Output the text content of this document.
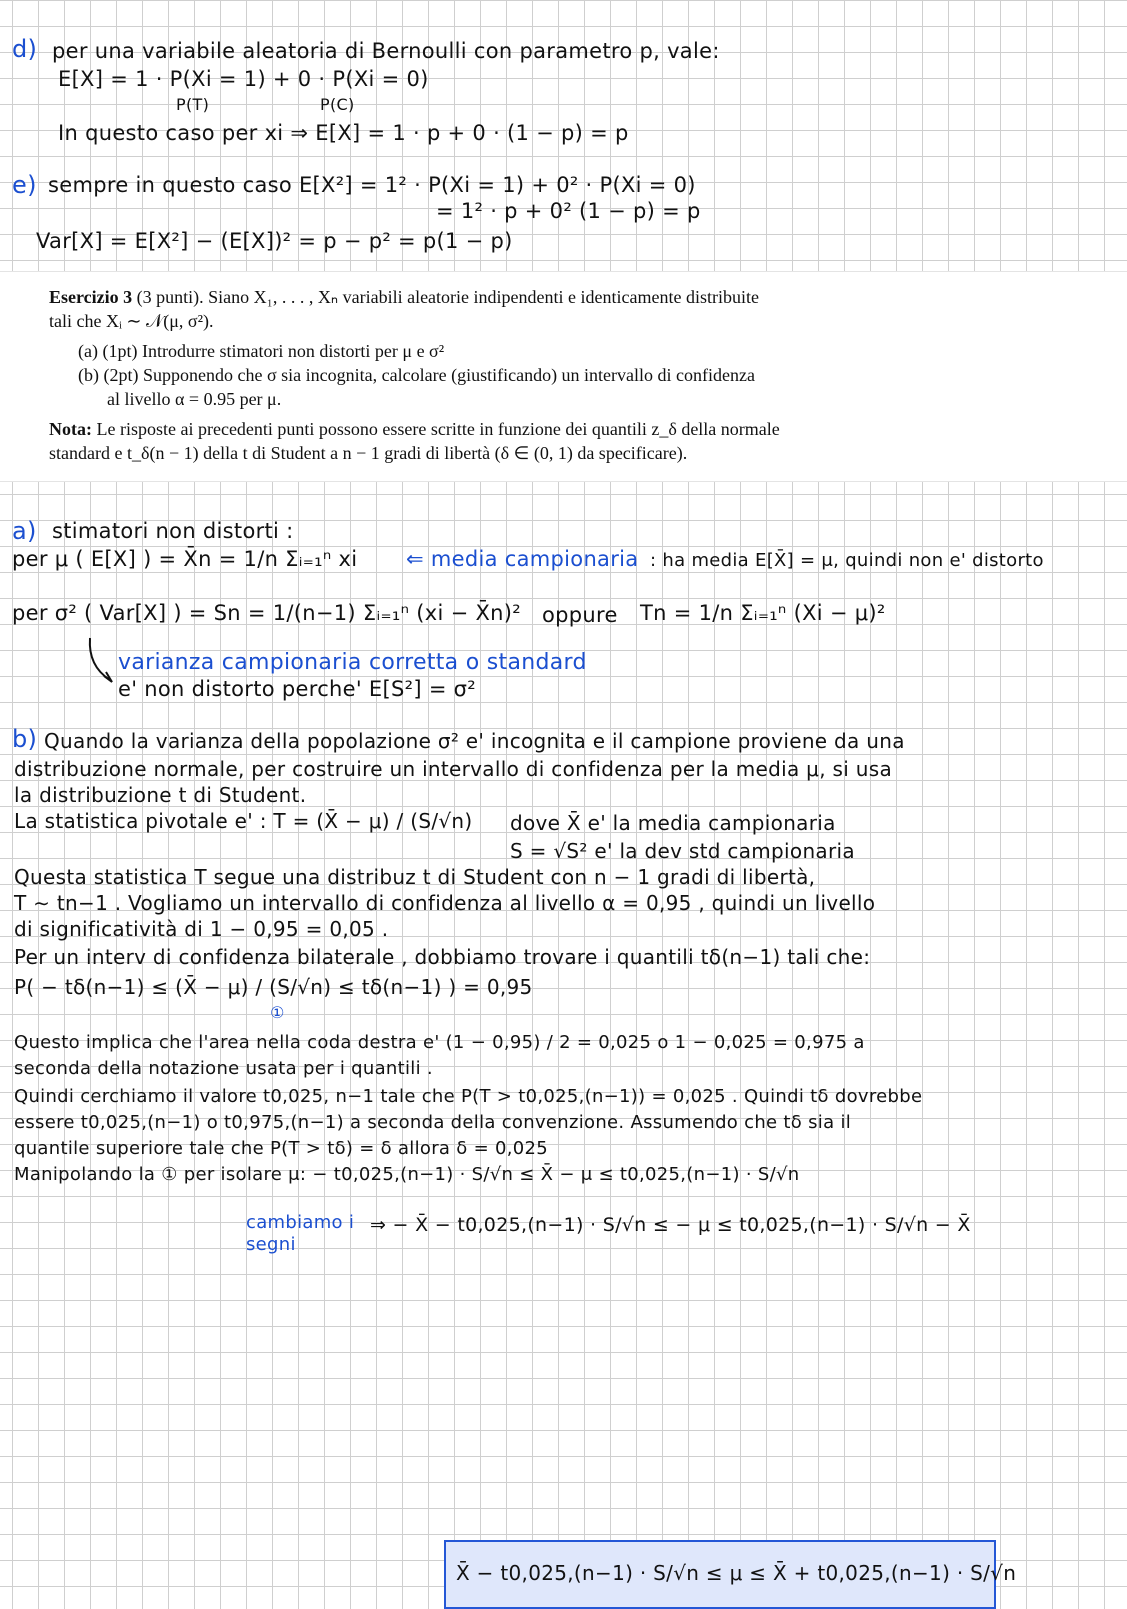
d) per una variabile aleatoria di Bernoulli con parametro p, vale:
E[X] = 1 · P(Xi = 1) + 0 · P(Xi = 0)
P(T)	P(C)
In questo caso per xi ⇒ E[X] = 1 · p + 0 · (1 − p) = p
e) sempre in questo caso E[X²] = 1² · P(Xi = 1) + 0² · P(Xi = 0)
= 1² · p + 0² (1 − p) = p
Var[X] = E[X²] − (E[X])² = p − p² = p(1 − p)
Esercizio 3 (3 punti). Siano X₁, . . . , Xₙ variabili aleatorie indipendenti e identicamente distribuite
tali che Xᵢ ∼ 𝒩(μ, σ²).
(a) (1pt) Introdurre stimatori non distorti per μ e σ²
(b) (2pt) Supponendo che σ sia incognita, calcolare (giustificando) un intervallo di confidenza
al livello α = 0.95 per μ.
Nota: Le risposte ai precedenti punti possono essere scritte in funzione dei quantili z_δ della normale
standard e t_δ(n − 1) della t di Student a n − 1 gradi di libertà (δ ∈ (0, 1) da specificare).
a) stimatori non distorti :
per μ ( E[X] ) = X̄n = 1/n Σᵢ₌₁ⁿ xi ⇐ media campionaria : ha media E[X̄] = μ, quindi non e' distorto
per σ² ( Var[X] ) = Sn = 1/(n−1) Σᵢ₌₁ⁿ (xi − X̄n)² oppure Tn = 1/n Σᵢ₌₁ⁿ (Xi − μ)²
varianza campionaria corretta o standard
e' non distorto perche' E[S²] = σ²
b) Quando la varianza della popolazione σ² e' incognita e il campione proviene da una
distribuzione normale, per costruire un intervallo di confidenza per la media μ, si usa
la distribuzione t di Student.
La statistica pivotale e' : T = (X̄ − μ) / (S/√n) dove X̄ e' la media campionaria
S = √S² e' la dev std campionaria
Questa statistica T segue una distribuz t di Student con n − 1 gradi di libertà,
T ∼ tn−1 . Vogliamo un intervallo di confidenza al livello α = 0,95 , quindi un livello
di significatività di 1 − 0,95 = 0,05 .
Per un interv di confidenza bilaterale , dobbiamo trovare i quantili tδ(n−1) tali che:
P( − tδ(n−1) ≤ (X̄ − μ) / (S/√n) ≤ tδ(n−1) ) = 0,95
①
Questo implica che l'area nella coda destra e' (1 − 0,95) / 2 = 0,025 o 1 − 0,025 = 0,975 a
seconda della notazione usata per i quantili .
Quindi cerchiamo il valore t0,025, n−1 tale che P(T > t0,025,(n−1)) = 0,025 . Quindi tδ dovrebbe
essere t0,025,(n−1) o t0,975,(n−1) a seconda della convenzione. Assumendo che tδ sia il
quantile superiore tale che P(T > tδ) = δ allora δ = 0,025
Manipolando la ① per isolare μ: − t0,025,(n−1) · S/√n ≤ X̄ − μ ≤ t0,025,(n−1) · S/√n
cambiamo i
segni
⇒ − X̄ − t0,025,(n−1) · S/√n ≤ − μ ≤ t0,025,(n−1) · S/√n − X̄
X̄ − t0,025,(n−1) · S/√n ≤ μ ≤ X̄ + t0,025,(n−1) · S/√n
